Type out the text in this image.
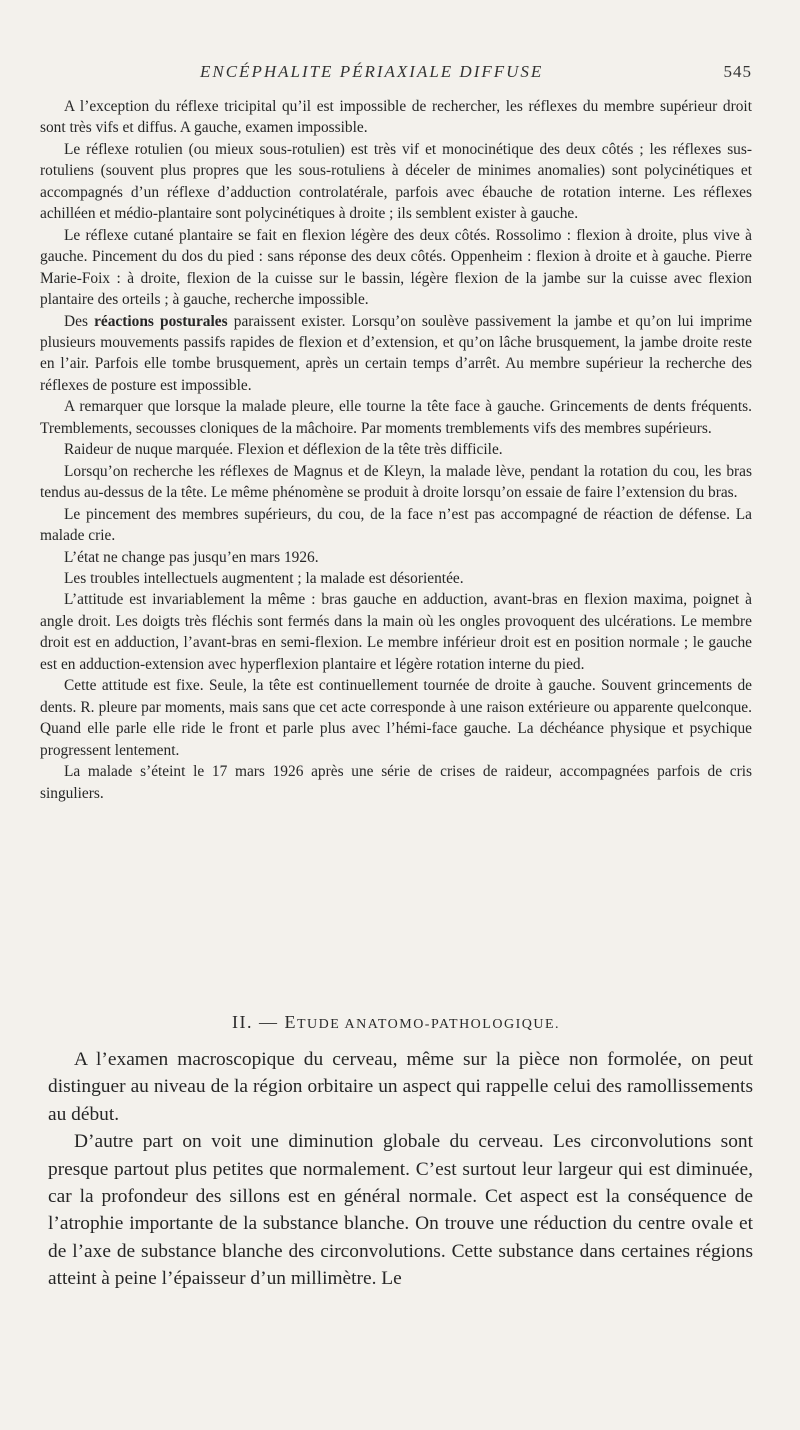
ENCÉPHALITE PÉRIAXIALE DIFFUSE	545

A l’exception du réflexe tricipital qu’il est impossible de rechercher, les réflexes du membre supérieur droit sont très vifs et diffus. A gauche, examen impossible.

Le réflexe rotulien (ou mieux sous-rotulien) est très vif et monocinétique des deux côtés ; les réflexes sus-rotuliens (souvent plus propres que les sous-rotuliens à déceler de minimes anomalies) sont polycinétiques et accompagnés d’un réflexe d’adduction controlatérale, parfois avec ébauche de rotation interne. Les réflexes achilléen et médio-plantaire sont polycinétiques à droite ; ils semblent exister à gauche.

Le réflexe cutané plantaire se fait en flexion légère des deux côtés. Rossolimo : flexion à droite, plus vive à gauche. Pincement du dos du pied : sans réponse des deux côtés. Oppenheim : flexion à droite et à gauche. Pierre Marie-Foix : à droite, flexion de la cuisse sur le bassin, légère flexion de la jambe sur la cuisse avec flexion plantaire des orteils ; à gauche, recherche impossible.

Des réactions posturales paraissent exister. Lorsqu’on soulève passivement la jambe et qu’on lui imprime plusieurs mouvements passifs rapides de flexion et d’extension, et qu’on lâche brusquement, la jambe droite reste en l’air. Parfois elle tombe brusquement, après un certain temps d’arrêt. Au membre supérieur la recherche des réflexes de posture est impossible.

A remarquer que lorsque la malade pleure, elle tourne la tête face à gauche. Grincements de dents fréquents. Tremblements, secousses cloniques de la mâchoire. Par moments tremblements vifs des membres supérieurs.

Raideur de nuque marquée. Flexion et déflexion de la tête très difficile.

Lorsqu’on recherche les réflexes de Magnus et de Kleyn, la malade lève, pendant la rotation du cou, les bras tendus au-dessus de la tête. Le même phénomène se produit à droite lorsqu’on essaie de faire l’extension du bras.

Le pincement des membres supérieurs, du cou, de la face n’est pas accompagné de réaction de défense. La malade crie.

L’état ne change pas jusqu’en mars 1926.

Les troubles intellectuels augmentent ; la malade est désorientée.

L’attitude est invariablement la même : bras gauche en adduction, avant-bras en flexion maxima, poignet à angle droit. Les doigts très fléchis sont fermés dans la main où les ongles provoquent des ulcérations. Le membre droit est en adduction, l’avant-bras en semi-flexion. Le membre inférieur droit est en position normale ; le gauche est en adduction-extension avec hyperflexion plantaire et légère rotation interne du pied.

Cette attitude est fixe. Seule, la tête est continuellement tournée de droite à gauche. Souvent grincements de dents. R. pleure par moments, mais sans que cet acte corresponde à une raison extérieure ou apparente quelconque. Quand elle parle elle ride le front et parle plus avec l’hémi-face gauche. La déchéance physique et psychique progressent lentement.

La malade s’éteint le 17 mars 1926 après une série de crises de raideur, accompagnées parfois de cris singuliers.

II. — ETUDE ANATOMO-PATHOLOGIQUE.

A l’examen macroscopique du cerveau, même sur la pièce non formolée, on peut distinguer au niveau de la région orbitaire un aspect qui rappelle celui des ramollissements au début.

D’autre part on voit une diminution globale du cerveau. Les circonvolutions sont presque partout plus petites que normalement. C’est surtout leur largeur qui est diminuée, car la profondeur des sillons est en général normale. Cet aspect est la conséquence de l’atrophie importante de la substance blanche. On trouve une réduction du centre ovale et de l’axe de substance blanche des circonvolutions. Cette substance dans certaines régions atteint à peine l’épaisseur d’un millimètre. Le
